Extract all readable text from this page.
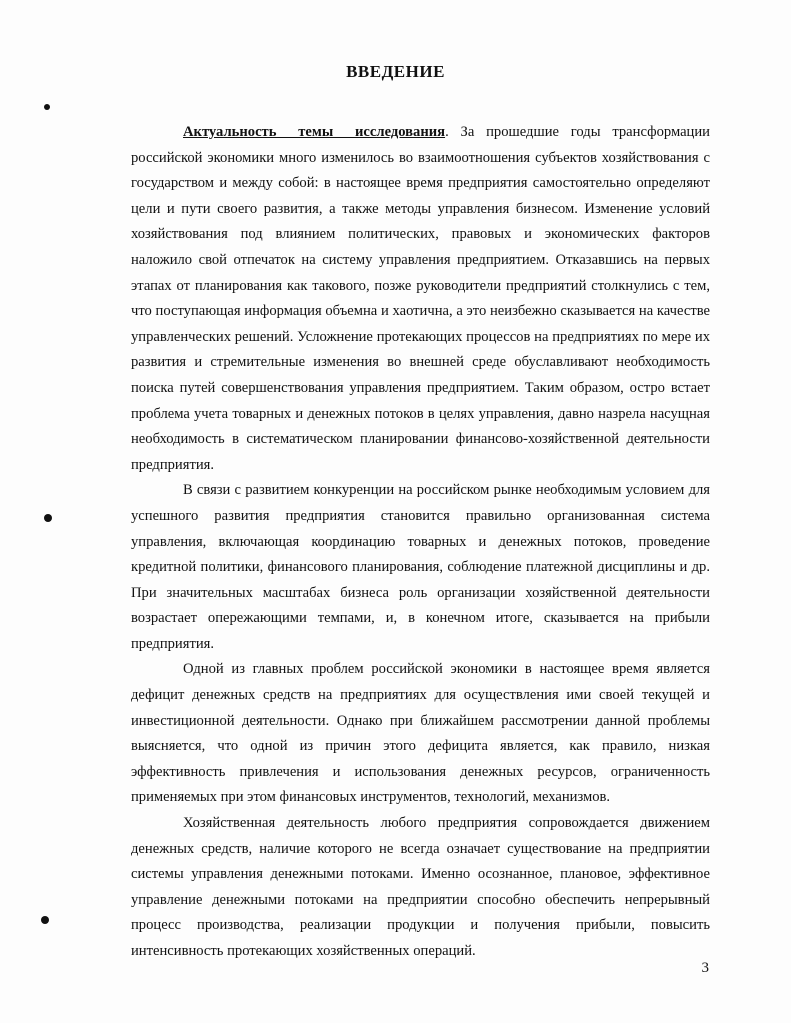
ВВЕДЕНИЕ

Актуальность темы исследования. За прошедшие годы трансформации российской экономики много изменилось во взаимоотношения субъектов хозяйствования с государством и между собой: в настоящее время предприятия самостоятельно определяют цели и пути своего развития, а также методы управления бизнесом. Изменение условий хозяйствования под влиянием политических, правовых и экономических факторов наложило свой отпечаток на систему управления предприятием. Отказавшись на первых этапах от планирования как такового, позже руководители предприятий столкнулись с тем, что поступающая информация объемна и хаотична, а это неизбежно сказывается на качестве управленческих решений. Усложнение протекающих процессов на предприятиях по мере их развития и стремительные изменения во внешней среде обуславливают необходимость поиска путей совершенствования управления предприятием. Таким образом, остро встает проблема учета товарных и денежных потоков в целях управления, давно назрела насущная необходимость в систематическом планировании финансово-хозяйственной деятельности предприятия.

В связи с развитием конкуренции на российском рынке необходимым условием для успешного развития предприятия становится правильно организованная система управления, включающая координацию товарных и денежных потоков, проведение кредитной политики, финансового планирования, соблюдение платежной дисциплины и др. При значительных масштабах бизнеса роль организации хозяйственной деятельности возрастает опережающими темпами, и, в конечном итоге, сказывается на прибыли предприятия.

Одной из главных проблем российской экономики в настоящее время является дефицит денежных средств на предприятиях для осуществления ими своей текущей и инвестиционной деятельности. Однако при ближайшем рассмотрении данной проблемы выясняется, что одной из причин этого дефицита является, как правило, низкая эффективность привлечения и использования денежных ресурсов, ограниченность применяемых при этом финансовых инструментов, технологий, механизмов.

Хозяйственная деятельность любого предприятия сопровождается движением денежных средств, наличие которого не всегда означает существование на предприятии системы управления денежными потоками. Именно осознанное, плановое, эффективное управление денежными потоками на предприятии способно обеспечить непрерывный процесс производства, реализации продукции и получения прибыли, повысить интенсивность протекающих хозяйственных операций.

3
